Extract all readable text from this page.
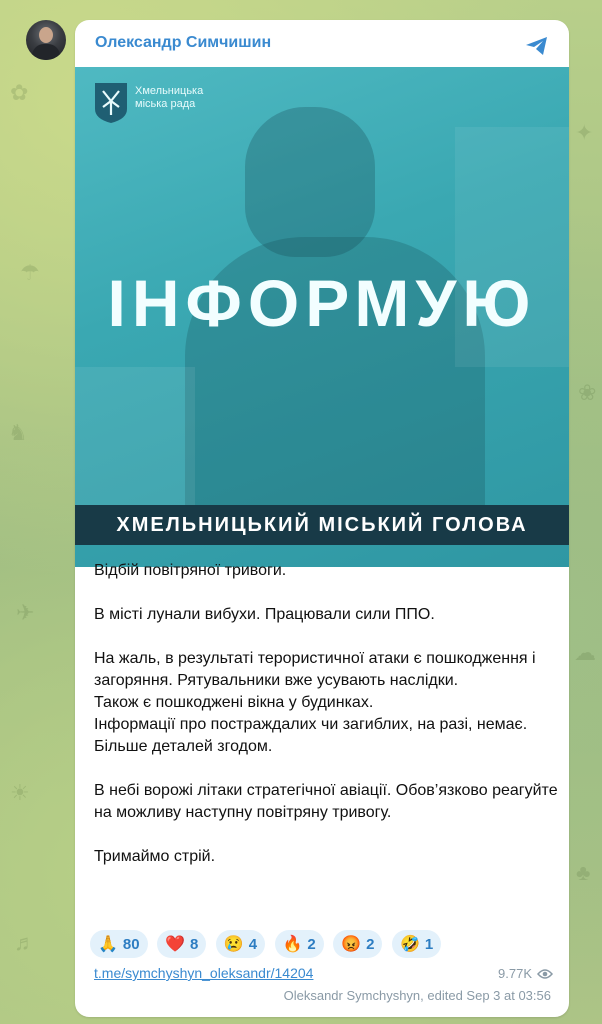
✿
☂
♞
✈
☀
♬
✦
❀
☁
♣
Олександр Симчишин
Хмельницька
міська рада
ІНФОРМУЮ
ХМЕЛЬНИЦЬКИЙ МІСЬКИЙ ГОЛОВА

Відбій повітряної тривоги.

В місті лунали вибухи. Працювали сили ППО.

На жаль, в результаті терористичної атаки є пошкодження і загоряння. Рятувальники вже усувають наслідки.

Також є пошкоджені вікна у будинках.

Інформації про постраждалих чи загиблих, на разі, немає.

Більше деталей згодом.

В небі ворожі літаки стратегічної авіації. Обов’язково реагуйте на можливу наступну повітряну тривогу.

Тримаймо стрій.

🙏 80
❤️ 8
😢 4
🔥 2
😡 2
🤣 1
t.me/symchyshyn_oleksandr/14204	9.77K
Oleksandr Symchyshyn, edited Sep 3 at 03:56
